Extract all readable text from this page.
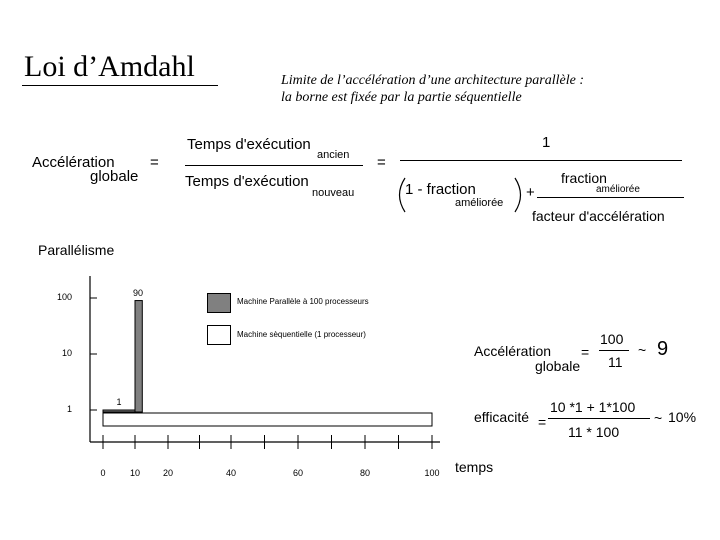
Loi d’Amdahl	Limite de l’accélération d’une architecture parallèle :
la borne est fixée par la partie séquentielle
Accélération
globale
=
Temps d'exécution
ancien
Temps d'exécution
nouveau
=
1
1 - fraction
améliorée
+
fraction
améliorée
facteur d'accélération
Parallélisme
100
10
1
0	10	20	40	60	80	100
1
90
Machine Parallèle à 100 processeurs
Machine sèquentielle (1 processeur)
temps
Accélération
globale
=
100
11
~ 9
efficacité =
10 *1 + 1*100
11 * 100
~ 10%
